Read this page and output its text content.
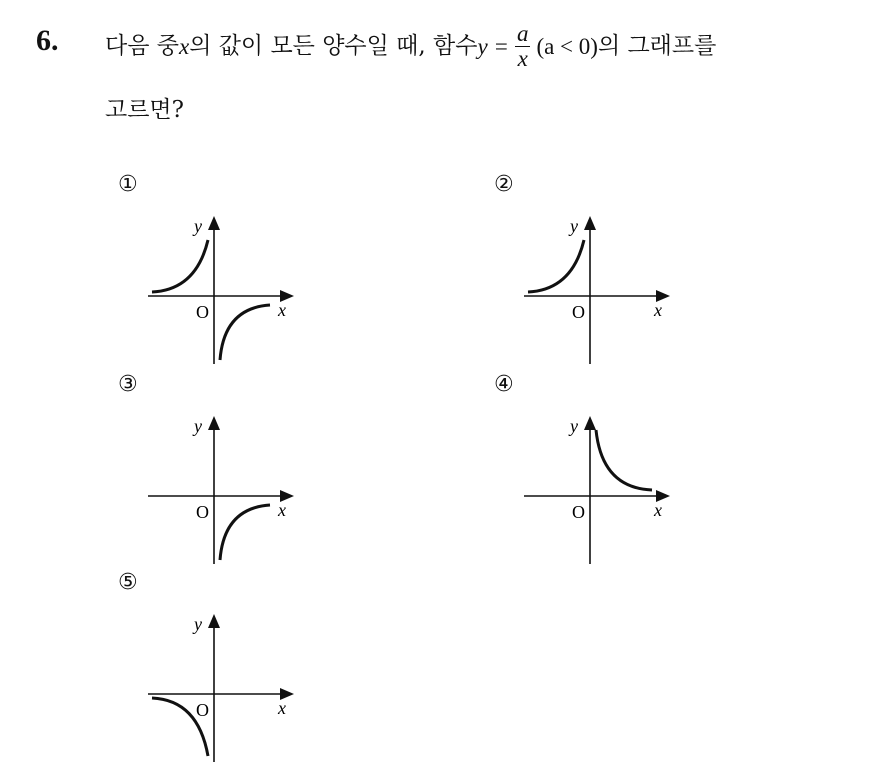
6. 다음 중 x 의 값이 모든 양수일 때, 함수 $y = \frac{a}{x} (a < 0)$ 의 그래프를
고르면?
①
y
O	x
②
y
O	x
③
y
O	x
④
y
O	x
⑤
y
O	x
